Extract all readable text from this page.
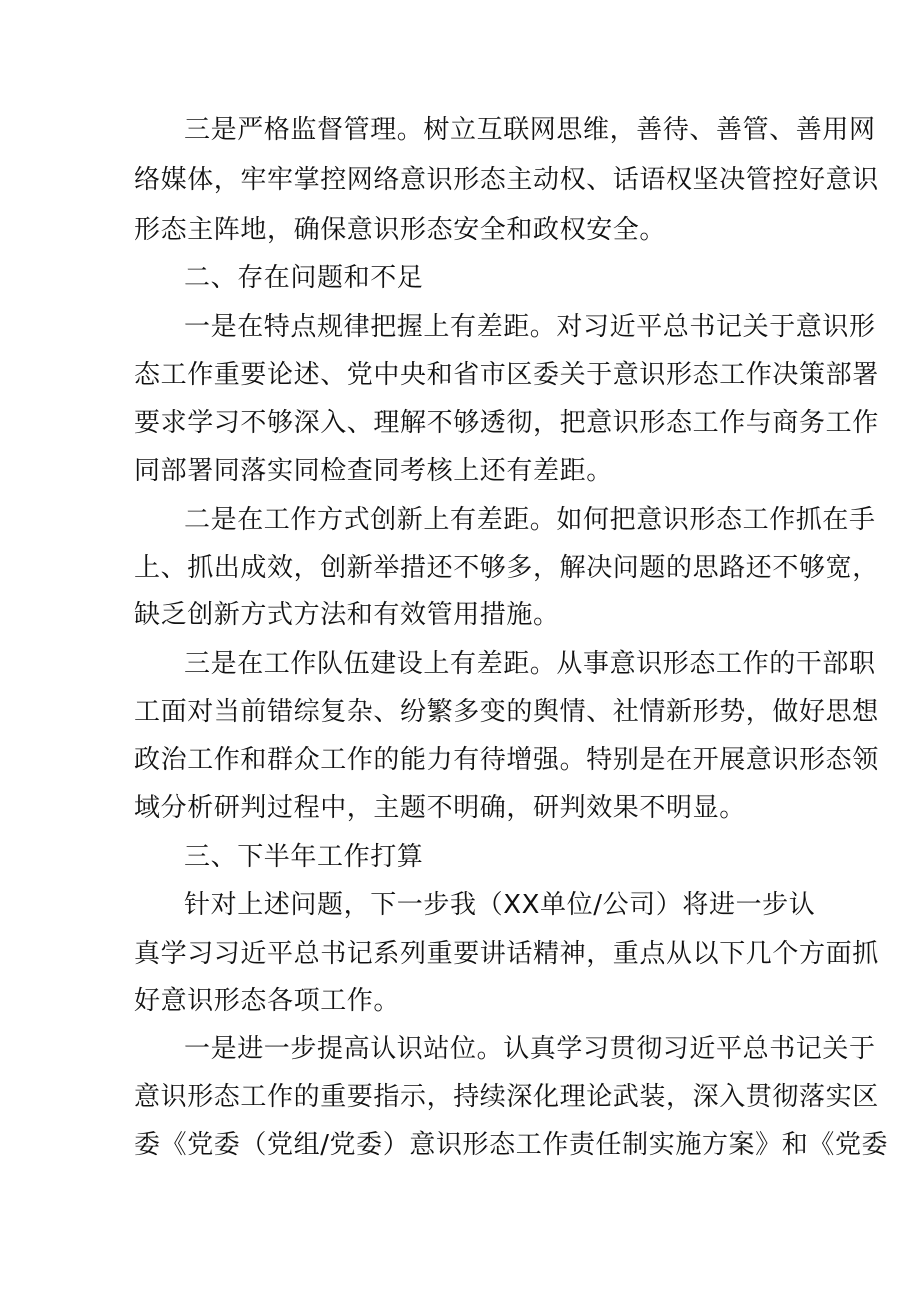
三是严格监督管理。树立互联网思维，善待、善管、善用网
络媒体，牢牢掌控网络意识形态主动权、话语权坚决管控好意识
形态主阵地，确保意识形态安全和政权安全。
二、存在问题和不足
一是在特点规律把握上有差距。对习近平总书记关于意识形
态工作重要论述、党中央和省市区委关于意识形态工作决策部署
要求学习不够深入、理解不够透彻，把意识形态工作与商务工作
同部署同落实同检查同考核上还有差距。
二是在工作方式创新上有差距。如何把意识形态工作抓在手
上、抓出成效，创新举措还不够多，解决问题的思路还不够宽，
缺乏创新方式方法和有效管用措施。
三是在工作队伍建设上有差距。从事意识形态工作的干部职
工面对当前错综复杂、纷繁多变的舆情、社情新形势，做好思想
政治工作和群众工作的能力有待增强。特别是在开展意识形态领
域分析研判过程中，主题不明确，研判效果不明显。
三、下半年工作打算
针对上述问题，下一步我（XX单位/公司）将进一步认
真学习习近平总书记系列重要讲话精神，重点从以下几个方面抓
好意识形态各项工作。
一是进一步提高认识站位。认真学习贯彻习近平总书记关于
意识形态工作的重要指示，持续深化理论武装，深入贯彻落实区
委《党委（党组/党委）意识形态工作责任制实施方案》和《党委
